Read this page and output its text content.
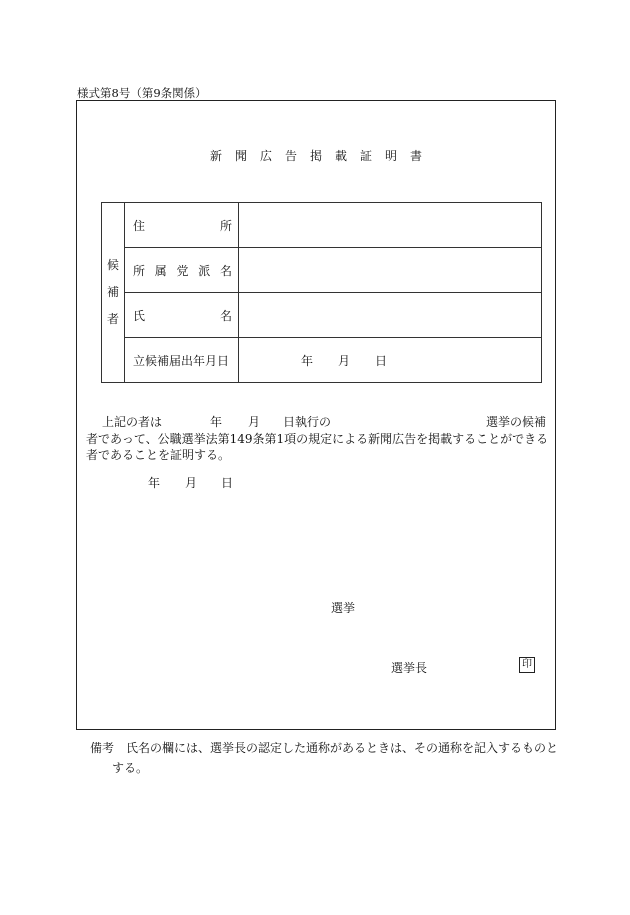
様式第8号（第9条関係）
新聞広告掲載証明書
候
補
者	住 所	

	所 属 党 派 名	

	氏 名	

	立候補届出年月日	年 月 日
上記の者は	年 月 日執行の	選挙の候補
者であって、公職選挙法第149条第1項の規定による新聞広告を掲載することができる
者であることを証明する。
年 月 日
選挙
選挙長	印
備考　氏名の欄には、選挙長の認定した通称があるときは、その通称を記入するものと
する。
